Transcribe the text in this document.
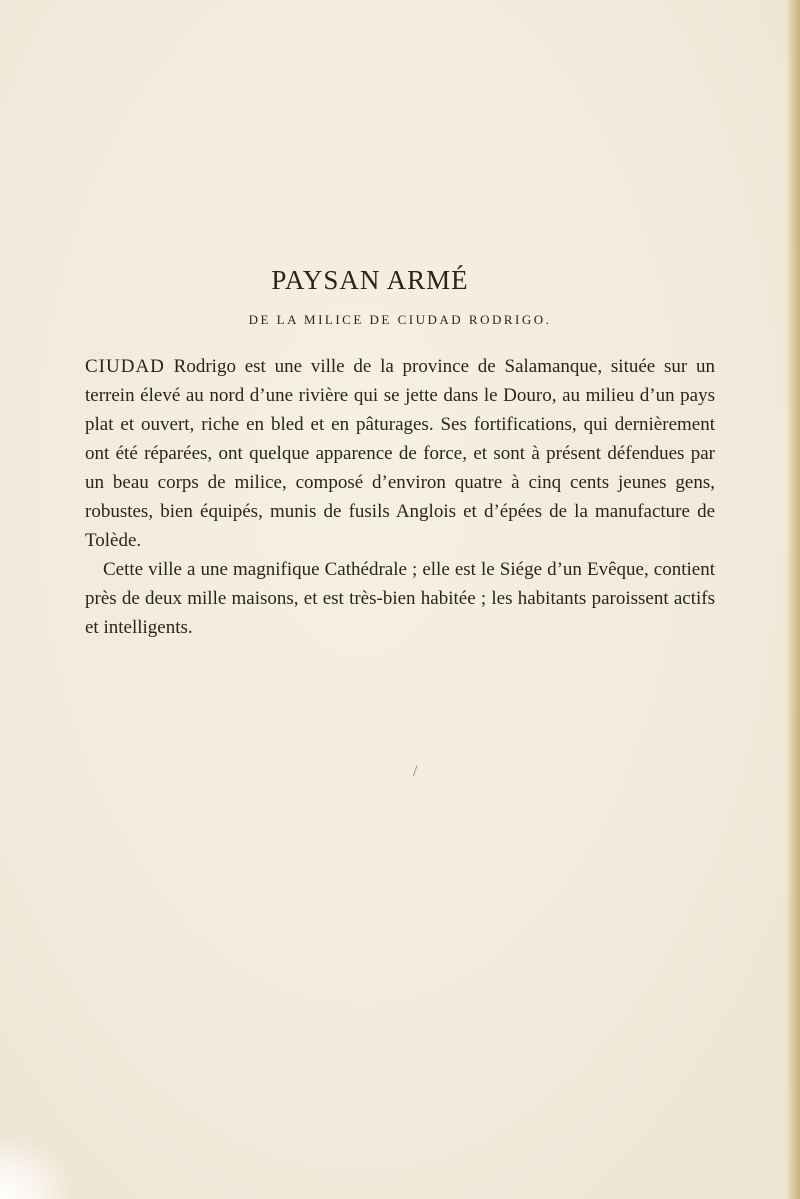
PAYSAN ARMÉ
DE LA MILICE DE CIUDAD RODRIGO.

CIUDAD Rodrigo est une ville de la province de Salamanque, située sur un terrein élevé au nord d’une rivière qui se jette dans le Douro, au milieu d’un pays plat et ouvert, riche en bled et en pâturages. Ses fortifications, qui dernièrement ont été réparées, ont quelque apparence de force, et sont à présent défendues par un beau corps de milice, composé d’environ quatre à cinq cents jeunes gens, robustes, bien équipés, munis de fusils Anglois et d’épées de la manufacture de Tolède.

Cette ville a une magnifique Cathédrale ; elle est le Siége d’un Evêque, contient près de deux mille maisons, et est très-bien habitée ; les habitants paroissent actifs et intelligents.

/
